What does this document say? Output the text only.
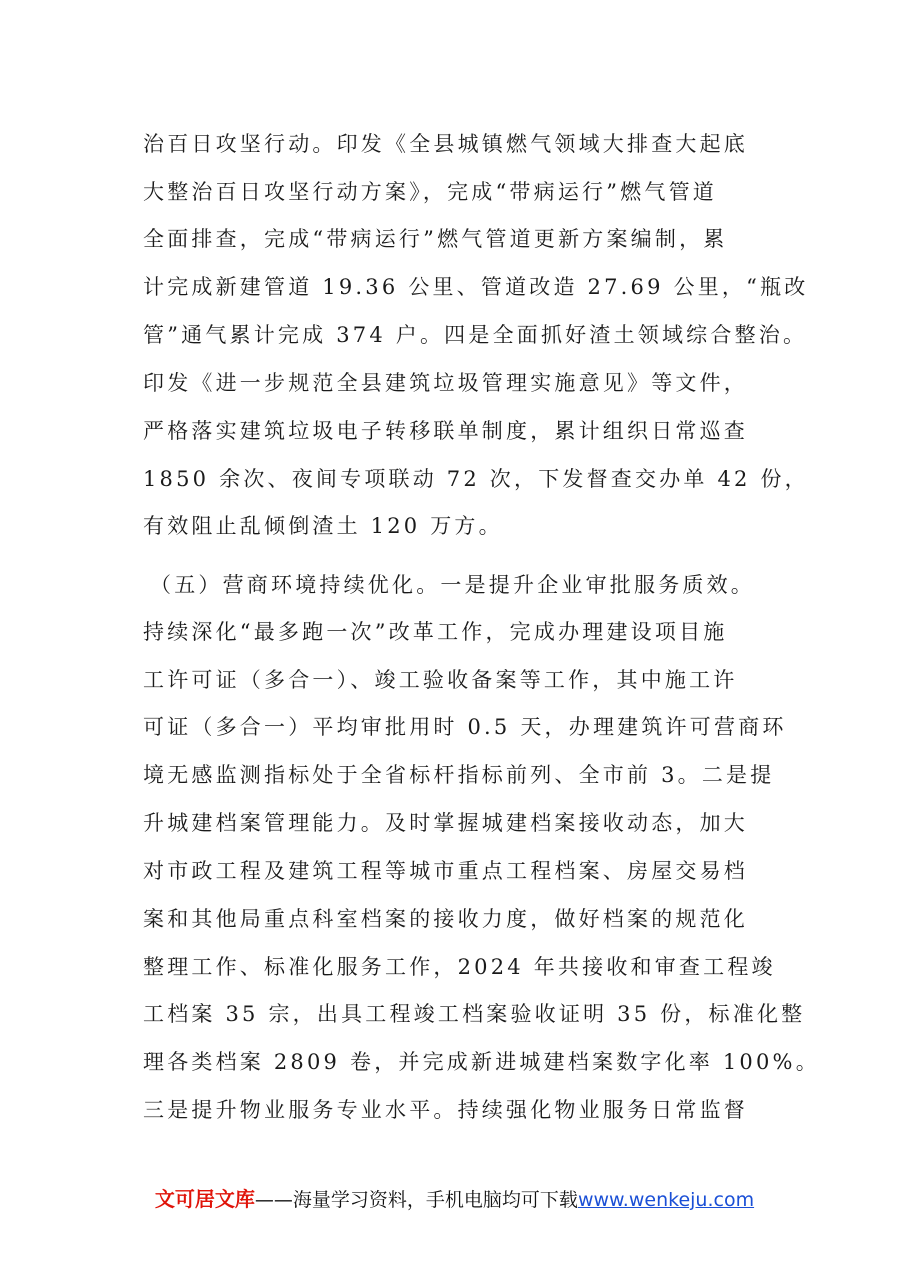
治百日攻坚行动。印发《全县城镇燃气领域大排查大起底
大整治百日攻坚行动方案》，完成“带病运行”燃气管道
全面排查，完成“带病运行”燃气管道更新方案编制，累
计完成新建管道 19.36 公里、管道改造 27.69 公里，“瓶改
管”通气累计完成 374 户。四是全面抓好渣土领域综合整治。
印发《进一步规范全县建筑垃圾管理实施意见》等文件，
严格落实建筑垃圾电子转移联单制度，累计组织日常巡查
1850 余次、夜间专项联动 72 次，下发督查交办单 42 份，
有效阻止乱倾倒渣土 120 万方。
（五）营商环境持续优化。一是提升企业审批服务质效。
持续深化“最多跑一次”改革工作，完成办理建设项目施
工许可证（多合一）、竣工验收备案等工作，其中施工许
可证（多合一）平均审批用时 0.5 天，办理建筑许可营商环
境无感监测指标处于全省标杆指标前列、全市前 3。二是提
升城建档案管理能力。及时掌握城建档案接收动态，加大
对市政工程及建筑工程等城市重点工程档案、房屋交易档
案和其他局重点科室档案的接收力度，做好档案的规范化
整理工作、标准化服务工作，2024 年共接收和审查工程竣
工档案 35 宗，出具工程竣工档案验收证明 35 份，标准化整
理各类档案 2809 卷，并完成新进城建档案数字化率 100%。
三是提升物业服务专业水平。持续强化物业服务日常监督
文可居文库——海量学习资料，手机电脑均可下载www.wenkeju.com
